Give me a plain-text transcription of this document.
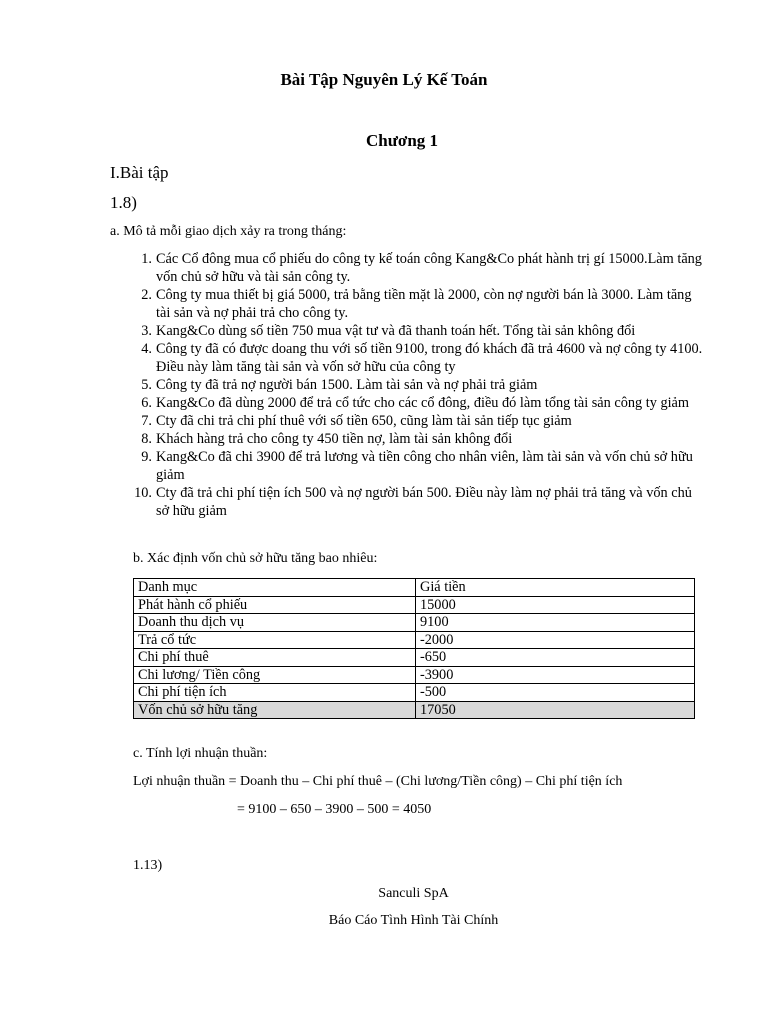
Bài Tập Nguyên Lý Kế Toán
Chương 1
I.Bài tập
1.8)
a. Mô tả mỗi giao dịch xảy ra trong tháng:
1. Các Cổ đông mua cổ phiếu do công ty kế toán công Kang&Co phát hành trị gí 15000.Làm tăng vốn chủ sở hữu và tài sản công ty.
2. Công ty mua thiết bị giá 5000, trả bằng tiền mặt là 2000, còn nợ người bán là 3000. Làm tăng tài sản và nợ phải trả cho công ty.
3. Kang&Co dùng số tiền 750 mua vật tư và đã thanh toán hết. Tổng tài sản không đổi
4. Công ty đã có được doang thu với số tiền 9100, trong đó khách đã trả 4600 và nợ công ty 4100. Điều này làm tăng tài sản và vốn sở hữu của công ty
5. Công ty đã trả nợ người bán 1500. Làm tài sản và nợ phải trả giảm
6. Kang&Co đã dùng 2000 để trả cổ tức cho các cổ đông, điều đó làm tổng tài sản công ty giảm
7. Cty đã chi trả chi phí thuê với số tiền 650, cũng làm tài sản tiếp tục giảm
8. Khách hàng trả cho công ty 450 tiền nợ, làm tài sản không đổi
9. Kang&Co đã chi 3900 để trả lương và tiền công cho nhân viên, làm tài sản và vốn chủ sở hữu giảm
10. Cty đã trả chi phí tiện ích 500 và nợ người bán 500. Điều này làm nợ phải trả tăng và vốn chủ sở hữu giảm
b. Xác định vốn chủ sở hữu tăng bao nhiêu:
Danh mục	Giá tiền
Phát hành cổ phiếu	15000
Doanh thu dịch vụ	9100
Trả cổ tức	-2000
Chi phí thuê	-650
Chi lương/ Tiền công	-3900
Chi phí tiện ích	-500
Vốn chủ sở hữu tăng	17050
c. Tính lợi nhuận thuần:
Lợi nhuận thuần = Doanh thu – Chi phí thuê – (Chi lương/Tiền công) – Chi phí tiện ích
= 9100 – 650 – 3900 – 500 = 4050
1.13)
Sanculi SpA
Báo Cáo Tình Hình Tài Chính
